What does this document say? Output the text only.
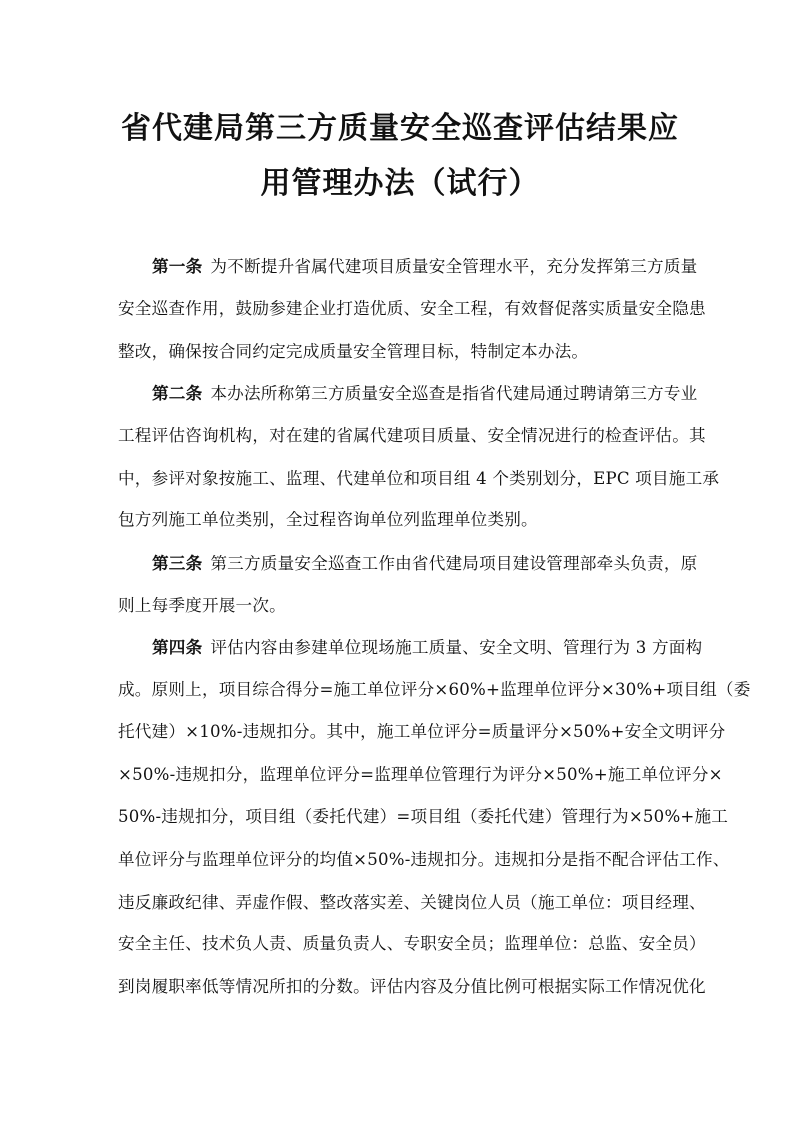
省代建局第三方质量安全巡查评估结果应
用管理办法（试行）
第一条 为不断提升省属代建项目质量安全管理水平，充分发挥第三方质量
安全巡查作用，鼓励参建企业打造优质、安全工程，有效督促落实质量安全隐患
整改，确保按合同约定完成质量安全管理目标，特制定本办法。
第二条 本办法所称第三方质量安全巡查是指省代建局通过聘请第三方专业
工程评估咨询机构，对在建的省属代建项目质量、安全情况进行的检查评估。其
中，参评对象按施工、监理、代建单位和项目组 4 个类别划分，EPC 项目施工承
包方列施工单位类别，全过程咨询单位列监理单位类别。
第三条 第三方质量安全巡查工作由省代建局项目建设管理部牵头负责，原
则上每季度开展一次。
第四条 评估内容由参建单位现场施工质量、安全文明、管理行为 3 方面构
成。原则上，项目综合得分=施工单位评分×60%+监理单位评分×30%+项目组（委
托代建）×10%-违规扣分。其中，施工单位评分=质量评分×50%+安全文明评分
×50%-违规扣分，监理单位评分=监理单位管理行为评分×50%+施工单位评分×
50%-违规扣分，项目组（委托代建）=项目组（委托代建）管理行为×50%+施工
单位评分与监理单位评分的均值×50%-违规扣分。违规扣分是指不配合评估工作、
违反廉政纪律、弄虚作假、整改落实差、关键岗位人员（施工单位：项目经理、
安全主任、技术负人责、质量负责人、专职安全员；监理单位：总监、安全员）
到岗履职率低等情况所扣的分数。评估内容及分值比例可根据实际工作情况优化
